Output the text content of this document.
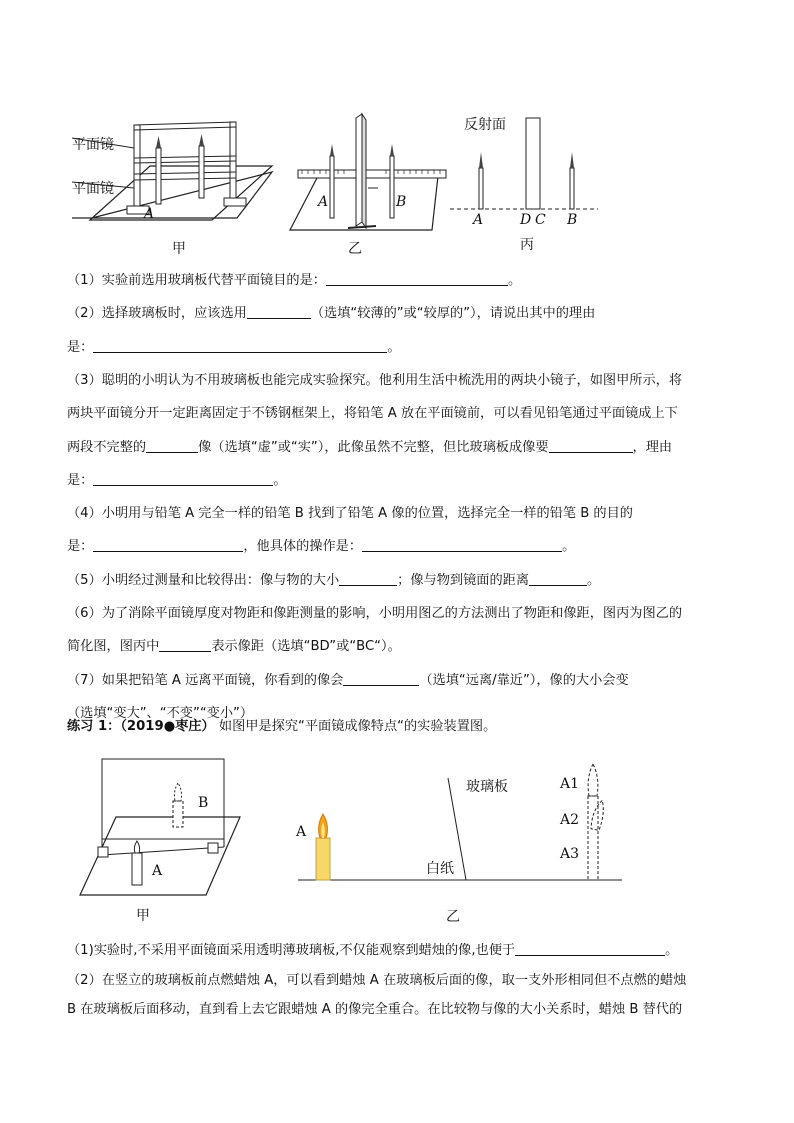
平面镜
平面镜
A
甲
A	B
乙
反射面
A	D C B
丙
（1）实验前选用玻璃板代替平面镜目的是：	。
（2）选择玻璃板时，应该选用	（选填“较薄的”或“较厚的”），请说出其中的理由
是：	。
（3）聪明的小明认为不用玻璃板也能完成实验探究。他利用生活中梳洗用的两块小镜子，如图甲所示，将
两块平面镜分开一定距离固定于不锈钢框架上，将铅笔 A 放在平面镜前，可以看见铅笔通过平面镜成上下
两段不完整的	像（选填“虚”或“实”），此像虽然不完整，但比玻璃板成像要	，理由
是：	。
（4）小明用与铅笔 A 完全一样的铅笔 B 找到了铅笔 A 像的位置，选择完全一样的铅笔 B 的目的
是：	，他具体的操作是：	。
（5）小明经过测量和比较得出：像与物的大小	；像与物到镜面的距离	。
（6）为了消除平面镜厚度对物距和像距测量的影响，小明用图乙的方法测出了物距和像距，图丙为图乙的
简化图，图丙中	表示像距（选填“BD”或“BC“）。
（7）如果把铅笔 A 远离平面镜，你看到的像会	（选填“远离/靠近”），像的大小会变
（选填“变大”、“不变”“变小”）
练习 1：（2019●枣庄） 如图甲是探究“平面镜成像特点“的实验装置图。
B
A
甲
玻璃板
A
白纸
A1
A2
A3
乙
（1)实验时,不采用平面镜面采用透明薄玻璃板,不仅能观察到蜡烛的像,也便于	。
（2）在竖立的玻璃板前点燃蜡烛 A，可以看到蜡烛 A 在玻璃板后面的像，取一支外形相同但不点燃的蜡烛
B 在玻璃板后面移动，直到看上去它跟蜡烛 A 的像完全重合。在比较物与像的大小关系时，蜡烛 B 替代的
